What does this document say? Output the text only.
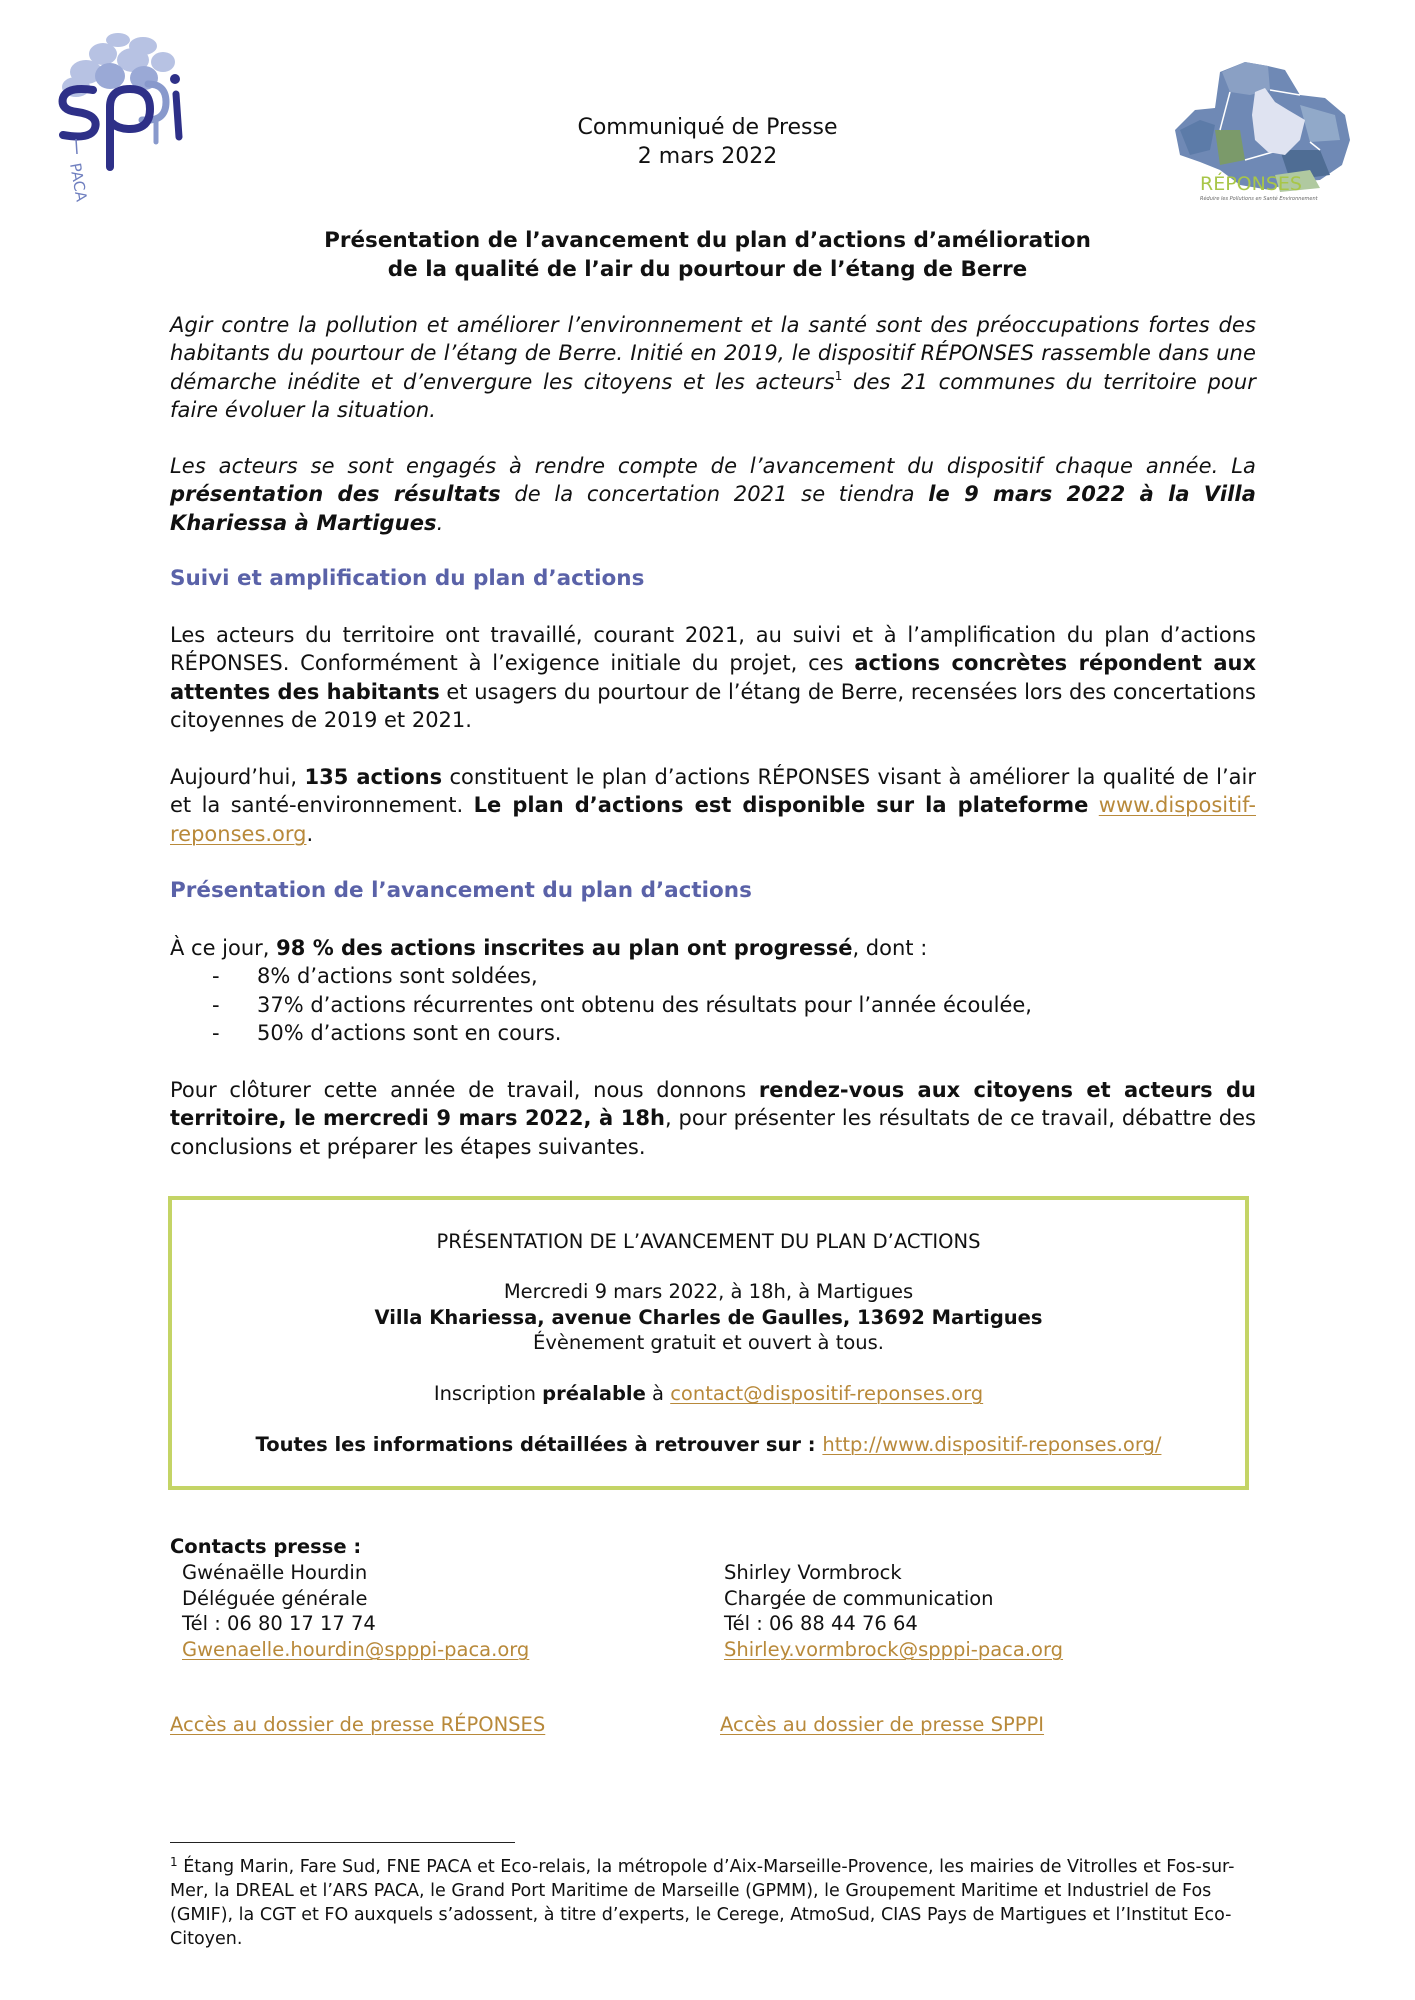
PACA	RÉPONSES
Réduire les Pollutions en Santé Environnement
Communiqué de Presse
2 mars 2022
Présentation de l’avancement du plan d’actions d’amélioration
de la qualité de l’air du pourtour de l’étang de Berre

Agir contre la pollution et améliorer l’environnement et la santé sont des préoccupations fortes des habitants du pourtour de l’étang de Berre. Initié en 2019, le dispositif RÉPONSES rassemble dans une démarche inédite et d’envergure les citoyens et les acteurs$^1$ des 21 communes du territoire pour faire évoluer la situation.

Les acteurs se sont engagés à rendre compte de l’avancement du dispositif chaque année. La présentation des résultats de la concertation 2021 se tiendra le 9 mars 2022 à la Villa Khariessa à Martigues.

Suivi et amplification du plan d’actions

Les acteurs du territoire ont travaillé, courant 2021, au suivi et à l’amplification du plan d’actions RÉPONSES. Conformément à l’exigence initiale du projet, ces actions concrètes répondent aux attentes des habitants et usagers du pourtour de l’étang de Berre, recensées lors des concertations citoyennes de 2019 et 2021.

Aujourd’hui, 135 actions constituent le plan d’actions RÉPONSES visant à améliorer la qualité de l’air et la santé-environnement. Le plan d’actions est disponible sur la plateforme www.dispositif-reponses.org.

Présentation de l’avancement du plan d’actions

À ce jour, 98 % des actions inscrites au plan ont progressé, dont :

- 8% d’actions sont soldées,
- 37% d’actions récurrentes ont obtenu des résultats pour l’année écoulée,
- 50% d’actions sont en cours.

Pour clôturer cette année de travail, nous donnons rendez-vous aux citoyens et acteurs du territoire, le mercredi 9 mars 2022, à 18h, pour présenter les résultats de ce travail, débattre des conclusions et préparer les étapes suivantes.

PRÉSENTATION DE L’AVANCEMENT DU PLAN D’ACTIONS
Mercredi 9 mars 2022, à 18h, à Martigues
Villa Khariessa, avenue Charles de Gaulles, 13692 Martigues
Évènement gratuit et ouvert à tous.
Inscription préalable à contact@dispositif-reponses.org
Toutes les informations détaillées à retrouver sur : http://www.dispositif-reponses.org/
Contacts presse :
Gwénaëlle Hourdin
Déléguée générale
Tél : 06 80 17 17 74
Gwenaelle.hourdin@spppi-paca.org
Shirley Vormbrock
Chargée de communication
Tél : 06 88 44 76 64
Shirley.vormbrock@spppi-paca.org
Accès au dossier de presse RÉPONSES	Accès au dossier de presse SPPPI
$^1$ Étang Marin, Fare Sud, FNE PACA et Eco-relais, la métropole d’Aix-Marseille-Provence, les mairies de Vitrolles et Fos-sur-Mer, la DREAL et l’ARS PACA, le Grand Port Maritime de Marseille (GPMM), le Groupement Maritime et Industriel de Fos (GMIF), la CGT et FO auxquels s’adossent, à titre d’experts, le Cerege, AtmoSud, CIAS Pays de Martigues et l’Institut Eco-Citoyen.
